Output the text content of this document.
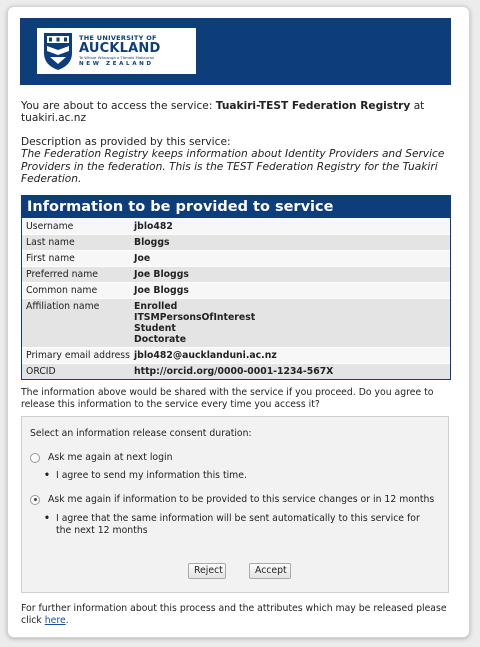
THE UNIVERSITY OF
AUCKLAND
Te Whare Wānanga o Tāmaki Makaurau
NEW ZEALAND
You are about to access the service: Tuakiri-TEST Federation Registry at tuakiri.ac.nz
Description as provided by this service:
The Federation Registry keeps information about Identity Providers and Service Providers in the federation. This is the TEST Federation Registry for the Tuakiri Federation.
Information to be provided to service
Username	jblo482
Last name	Bloggs
First name	Joe
Preferred name	Joe Bloggs
Common name	Joe Bloggs
Affiliation name	Enrolled
ITSMPersonsOfInterest
Student
Doctorate
Primary email address jblo482@aucklanduni.ac.nz
ORCID	http://orcid.org/0000-0001-1234-567X
The information above would be shared with the service if you proceed. Do you agree to release this information to the service every time you access it?
Select an information release consent duration:
Ask me again at next login
• I agree to send my information this time.
Ask me again if information to be provided to this service changes or in 12 months
• I agree that the same information will be sent automatically to this service for the next 12 months
Reject	Accept
For further information about this process and the attributes which may be released please click here.
